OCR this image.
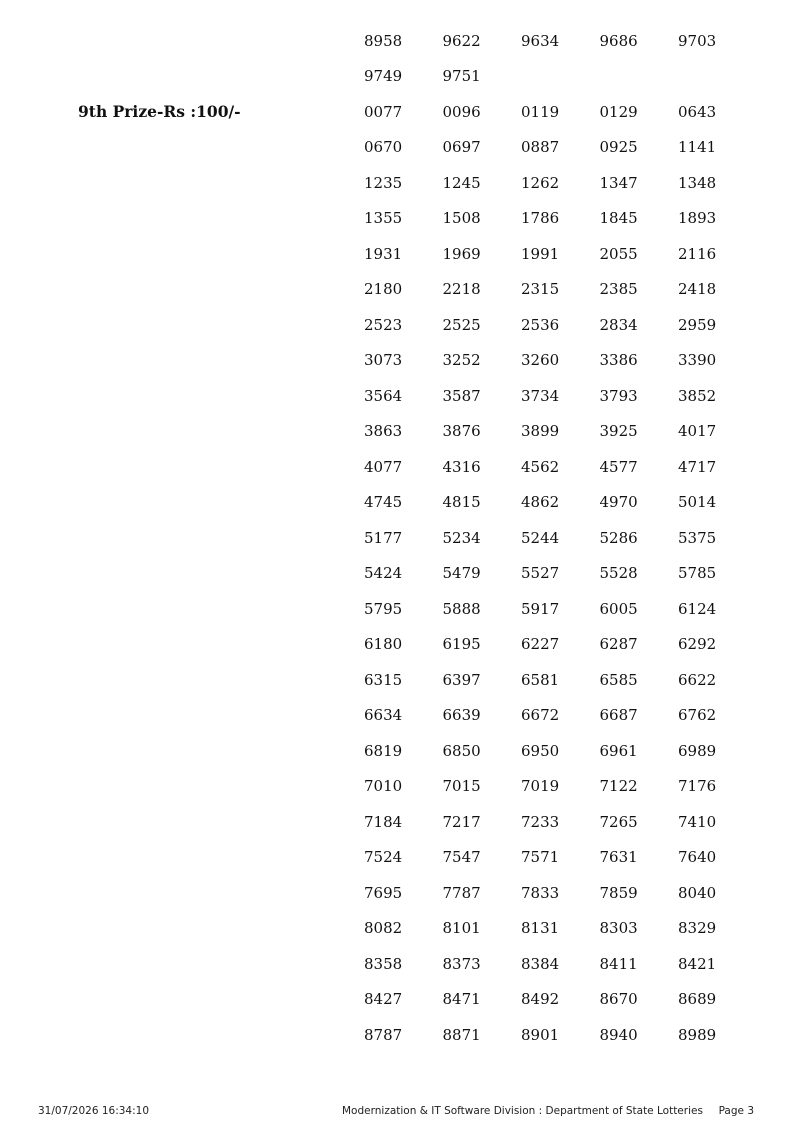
9th Prize-Rs :100/-
8958	9622	9634	9686	9703
9749	9751
0077	0096	0119	0129	0643
0670	0697	0887	0925	1141
1235	1245	1262	1347	1348
1355	1508	1786	1845	1893
1931	1969	1991	2055	2116
2180	2218	2315	2385	2418
2523	2525	2536	2834	2959
3073	3252	3260	3386	3390
3564	3587	3734	3793	3852
3863	3876	3899	3925	4017
4077	4316	4562	4577	4717
4745	4815	4862	4970	5014
5177	5234	5244	5286	5375
5424	5479	5527	5528	5785
5795	5888	5917	6005	6124
6180	6195	6227	6287	6292
6315	6397	6581	6585	6622
6634	6639	6672	6687	6762
6819	6850	6950	6961	6989
7010	7015	7019	7122	7176
7184	7217	7233	7265	7410
7524	7547	7571	7631	7640
7695	7787	7833	7859	8040
8082	8101	8131	8303	8329
8358	8373	8384	8411	8421
8427	8471	8492	8670	8689
8787	8871	8901	8940	8989
31/07/2026 16:34:10	Modernization & IT Software Division : Department of State Lotteries Page 3
